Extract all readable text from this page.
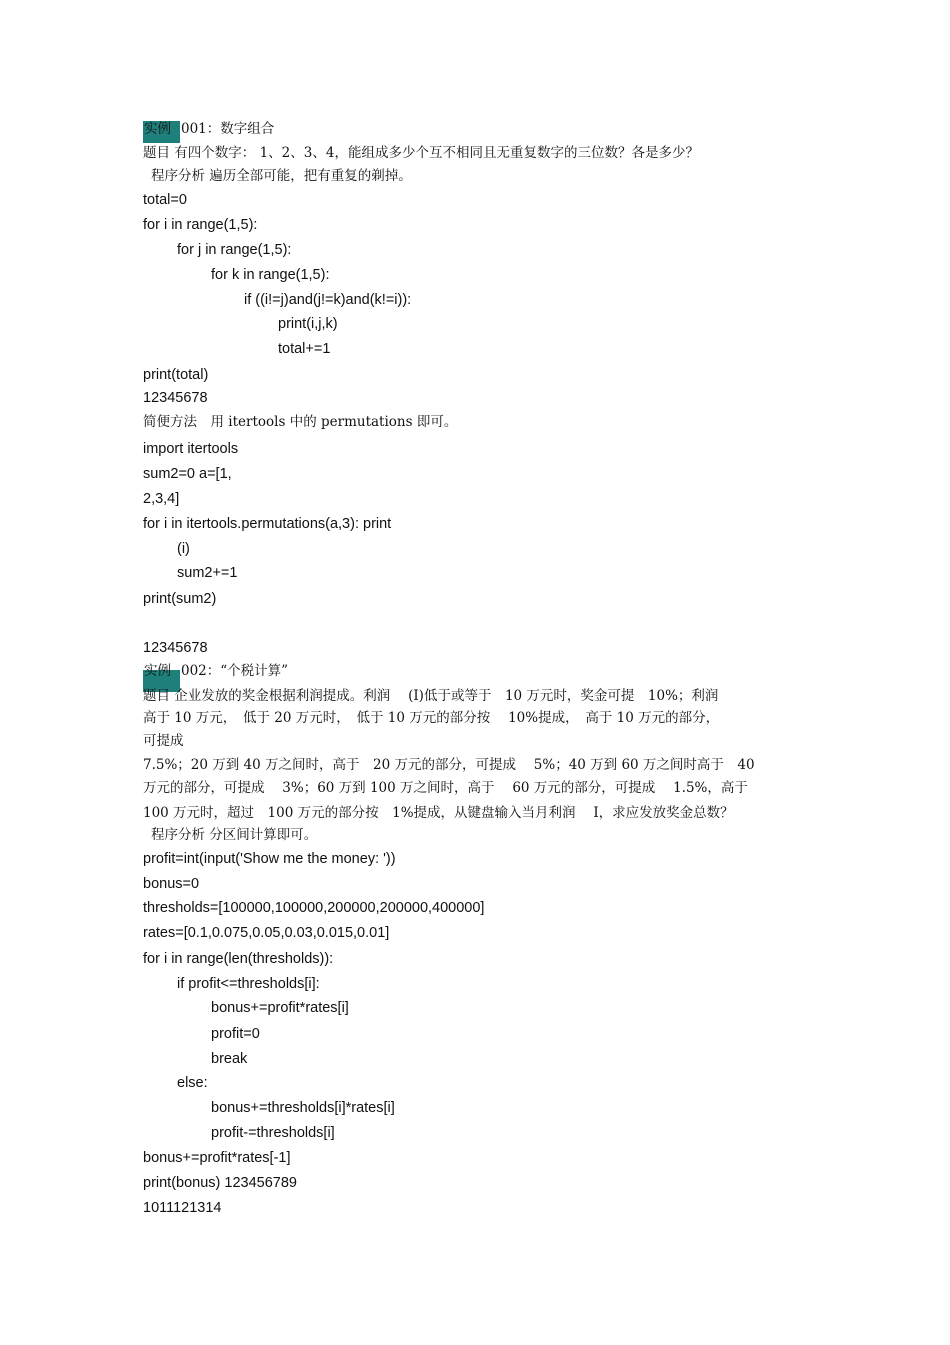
实例 001：数字组合
题目 有四个数字： 1、2、3、4，能组成多少个互不相同且无重复数字的三位数？各是多少？
程序分析 遍历全部可能，把有重复的剃掉。
total=0
for i in range(1,5):
for j in range(1,5):
for k in range(1,5):
if ((i!=j)and(j!=k)and(k!=i)):
print(i,j,k)
total+=1
print(total)
12345678
简便方法　用 itertools 中的 permutations 即可。
import itertools
sum2=0 a=[1,
2,3,4]
for i in itertools.permutations(a,3): print
(i)
sum2+=1
print(sum2)
12345678
实例 002：“个税计算”
题目 企业发放的奖金根据利润提成。利润　 (I)低于或等于　10 万元时，奖金可提　10%；利润
高于 10 万元，　低于 20 万元时，　低于 10 万元的部分按　 10%提成，　高于 10 万元的部分，
可提成
7.5%；20 万到 40 万之间时，高于　20 万元的部分，可提成　 5%；40 万到 60 万之间时高于　40
万元的部分，可提成　 3%；60 万到 100 万之间时，高于　 60 万元的部分，可提成　 1.5%，高于
100 万元时，超过　100 万元的部分按　1%提成，从键盘输入当月利润　 I，求应发放奖金总数？
程序分析 分区间计算即可。
profit=int(input('Show me the money: '))
bonus=0
thresholds=[100000,100000,200000,200000,400000]
rates=[0.1,0.075,0.05,0.03,0.015,0.01]
for i in range(len(thresholds)):
if profit<=thresholds[i]:
bonus+=profit*rates[i]
profit=0
break
else:
bonus+=thresholds[i]*rates[i]
profit-=thresholds[i]
bonus+=profit*rates[-1]
print(bonus) 123456789
1011121314
